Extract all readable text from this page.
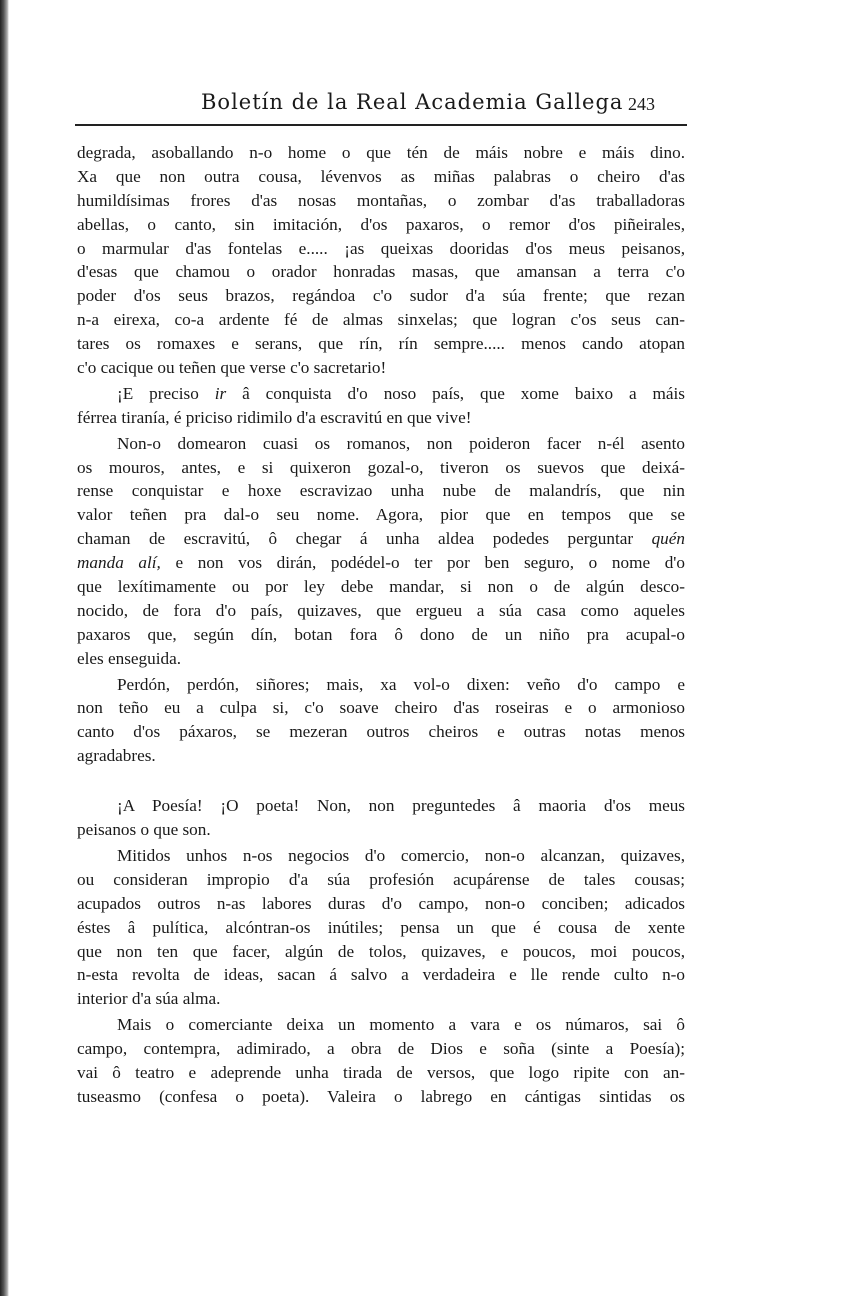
Boletín de la Real Academia Gallega 243
degrada, asoballando n-o home o que tén de máis nobre e máis dino.
Xa que non outra cousa, lévenvos as miñas palabras o cheiro d'as
humildísimas frores d'as nosas montañas, o zombar d'as traballadoras
abellas, o canto, sin imitación, d'os paxaros, o remor d'os piñeirales,
o marmular d'as fontelas e..... ¡as queixas dooridas d'os meus peisanos,
d'esas que chamou o orador honradas masas, que amansan a terra c'o
poder d'os seus brazos, regándoa c'o sudor d'a súa frente; que rezan
n-a eirexa, co-a ardente fé de almas sinxelas; que logran c'os seus can-
tares os romaxes e serans, que rín, rín sempre..... menos cando atopan
c'o cacique ou teñen que verse c'o sacretario!
¡E preciso ir â conquista d'o noso país, que xome baixo a máis
férrea tiranía, é priciso ridimilo d'a escravitú en que vive!
Non-o domearon cuasi os romanos, non poideron facer n-él asento
os mouros, antes, e si quixeron gozal-o, tiveron os suevos que deixá-
rense conquistar e hoxe escravizao unha nube de malandrís, que nin
valor teñen pra dal-o seu nome. Agora, pior que en tempos que se
chaman de escravitú, ô chegar á unha aldea podedes perguntar quén
manda alí, e non vos dirán, podédel-o ter por ben seguro, o nome d'o
que lexítimamente ou por ley debe mandar, si non o de algún desco-
nocido, de fora d'o país, quizaves, que ergueu a súa casa como aqueles
paxaros que, según dín, botan fora ô dono de un niño pra acupal-o
eles enseguida.
Perdón, perdón, siñores; mais, xa vol-o dixen: veño d'o campo e
non teño eu a culpa si, c'o soave cheiro d'as roseiras e o armonioso
canto d'os páxaros, se mezeran outros cheiros e outras notas menos
agradabres.
¡A Poesía! ¡O poeta! Non, non preguntedes â maoria d'os meus
peisanos o que son.
Mitidos unhos n-os negocios d'o comercio, non-o alcanzan, quizaves,
ou consideran impropio d'a súa profesión acupárense de tales cousas;
acupados outros n-as labores duras d'o campo, non-o conciben; adicados
éstes â pulítica, alcóntran-os inútiles; pensa un que é cousa de xente
que non ten que facer, algún de tolos, quizaves, e poucos, moi poucos,
n-esta revolta de ideas, sacan á salvo a verdadeira e lle rende culto n-o
interior d'a súa alma.
Mais o comerciante deixa un momento a vara e os númaros, sai ô
campo, contempra, adimirado, a obra de Dios e soña (sinte a Poesía);
vai ô teatro e adeprende unha tirada de versos, que logo ripite con an-
tuseasmo (confesa o poeta). Valeira o labrego en cántigas sintidas os
